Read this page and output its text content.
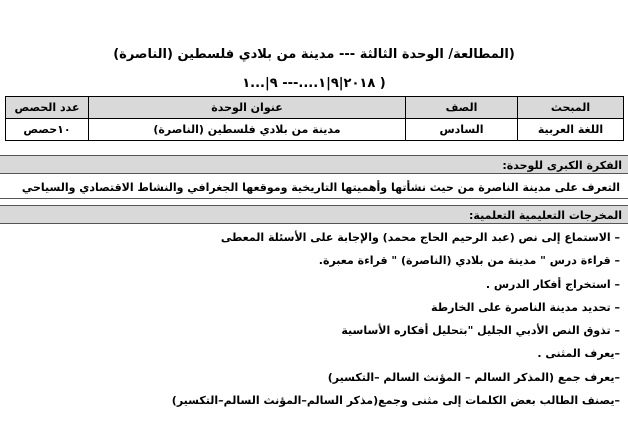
(المطالعة/ الوحدة الثالثة --- مدينة من بلادي فلسطين (الناصرة)
٢٠١٨|٩|١....--- ٩|...١ )
المبحث	الصف	عنوان الوحدة	عدد الحصص
اللغة العربية	السادس	مدينة من بلادي فلسطين (الناصرة)	١٠حصص
الفكرة الكبرى للوحدة:
التعرف على مدينة الناصرة من حيث نشأتها وأهميتها التاريخية وموقعها الجغرافي والنشاط الاقتصادي والسياحي
المخرجات التعليمية التعلمية:
– الاستماع إلى نص (عبد الرحيم الحاج محمد) والإجابة على الأسئلة المعطى
– قراءة درس " مدينة من بلادي (الناصرة) " قراءة معبرة.
– استخراج أفكار الدرس .
– تحديد مدينة الناصرة على الخارطة
– تذوق النص الأدبي الجليل "بتحليل أفكاره الأساسية
–يعرف المثنى .
–يعرف جمع (المذكر السالم – المؤنث السالم –التكسير)
–يصنف الطالب بعض الكلمات إلى مثنى وجمع(مذكر السالم–المؤنث السالم–التكسير)
